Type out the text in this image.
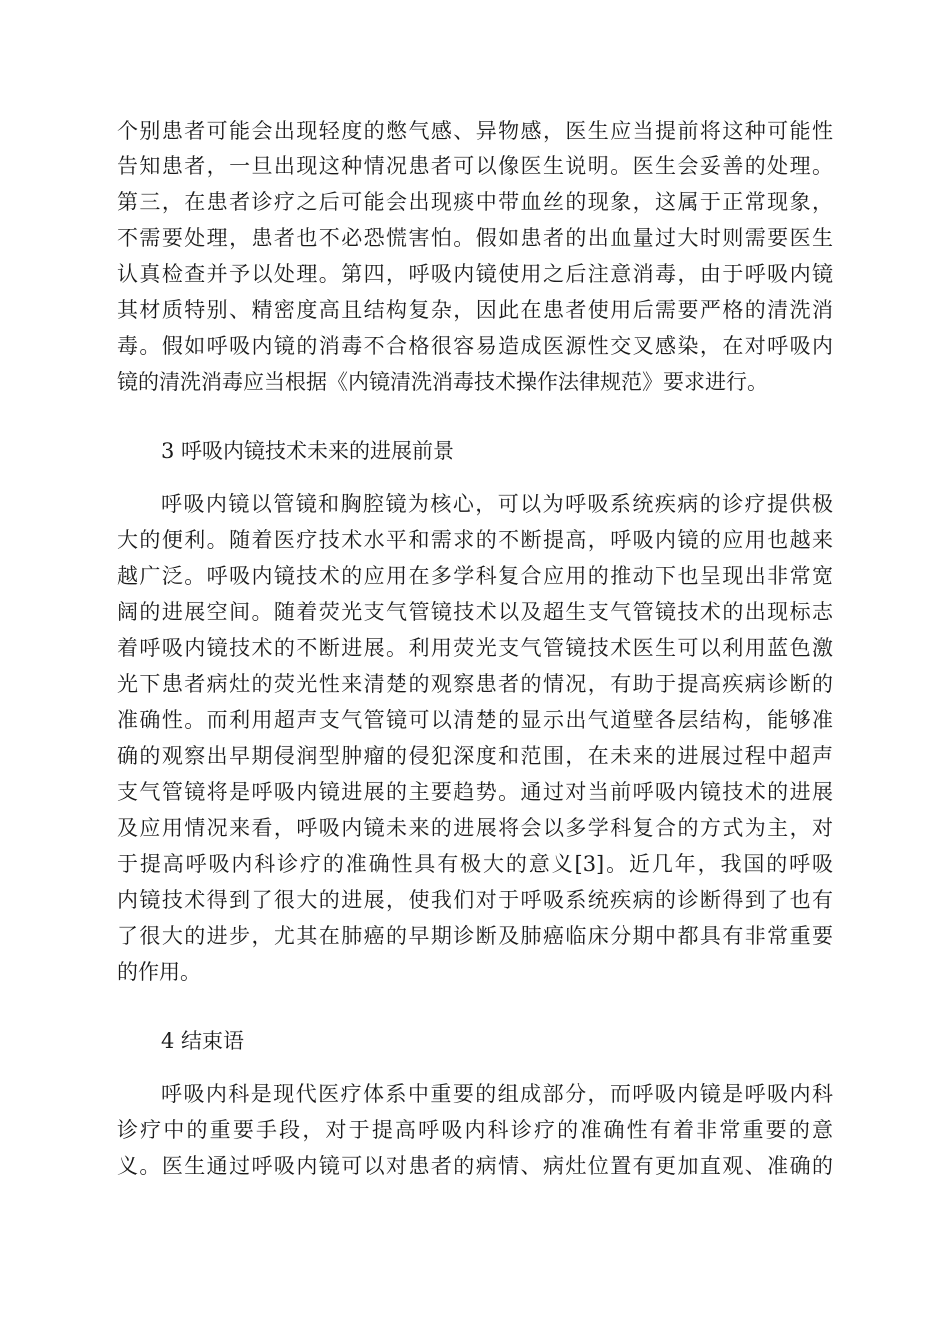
个别患者可能会出现轻度的憋气感、异物感，医生应当提前将这种可能性
告知患者，一旦出现这种情况患者可以像医生说明。医生会妥善的处理。
第三，在患者诊疗之后可能会出现痰中带血丝的现象，这属于正常现象，
不需要处理，患者也不必恐慌害怕。假如患者的出血量过大时则需要医生
认真检查并予以处理。第四，呼吸内镜使用之后注意消毒，由于呼吸内镜
其材质特别、精密度高且结构复杂，因此在患者使用后需要严格的清洗消
毒。假如呼吸内镜的消毒不合格很容易造成医源性交叉感染，在对呼吸内
镜的清洗消毒应当根据《内镜清洗消毒技术操作法律规范》要求进行。
3 呼吸内镜技术未来的进展前景
呼吸内镜以管镜和胸腔镜为核心，可以为呼吸系统疾病的诊疗提供极
大的便利。随着医疗技术水平和需求的不断提高，呼吸内镜的应用也越来
越广泛。呼吸内镜技术的应用在多学科复合应用的推动下也呈现出非常宽
阔的进展空间。随着荧光支气管镜技术以及超生支气管镜技术的出现标志
着呼吸内镜技术的不断进展。利用荧光支气管镜技术医生可以利用蓝色激
光下患者病灶的荧光性来清楚的观察患者的情况，有助于提高疾病诊断的
准确性。而利用超声支气管镜可以清楚的显示出气道壁各层结构，能够准
确的观察出早期侵润型肿瘤的侵犯深度和范围，在未来的进展过程中超声
支气管镜将是呼吸内镜进展的主要趋势。通过对当前呼吸内镜技术的进展
及应用情况来看，呼吸内镜未来的进展将会以多学科复合的方式为主，对
于提高呼吸内科诊疗的准确性具有极大的意义[3]。近几年，我国的呼吸
内镜技术得到了很大的进展，使我们对于呼吸系统疾病的诊断得到了也有
了很大的进步，尤其在肺癌的早期诊断及肺癌临床分期中都具有非常重要
的作用。
4 结束语
呼吸内科是现代医疗体系中重要的组成部分，而呼吸内镜是呼吸内科
诊疗中的重要手段，对于提高呼吸内科诊疗的准确性有着非常重要的意
义。医生通过呼吸内镜可以对患者的病情、病灶位置有更加直观、准确的
